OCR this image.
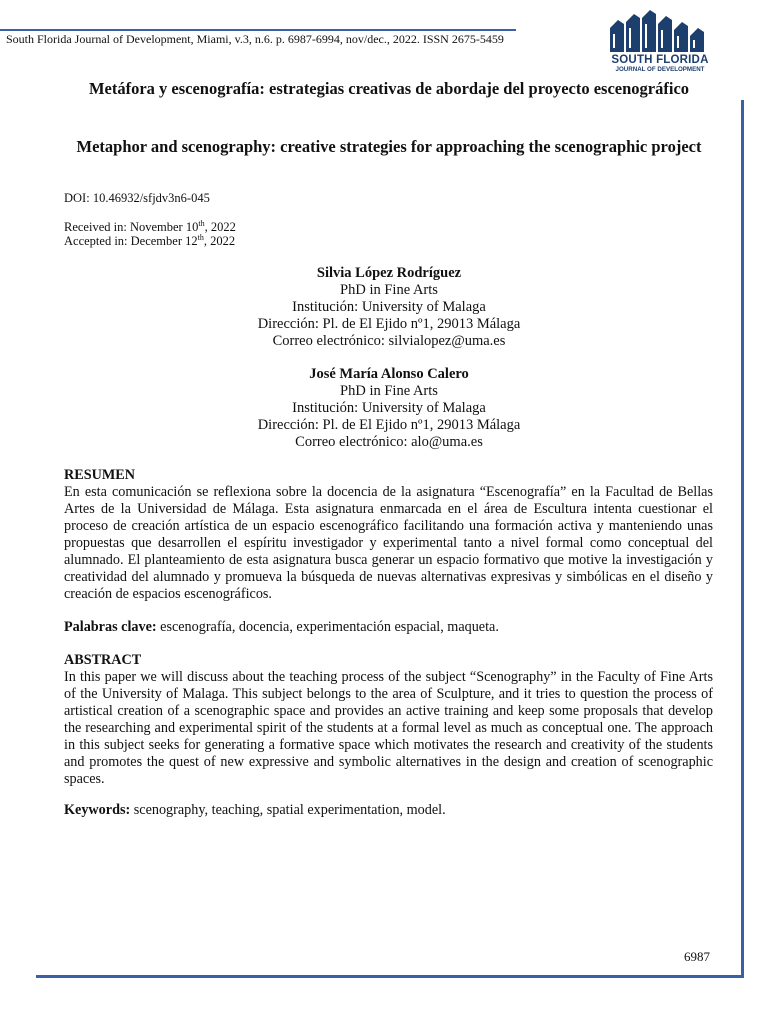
South Florida Journal of Development, Miami, v.3, n.6. p. 6987-6994, nov/dec., 2022. ISSN 2675-5459
SOUTH FLORIDA
JOURNAL OF DEVELOPMENT
Metáfora y escenografía: estrategias creativas de abordaje del proyecto escenográfico
Metaphor and scenography: creative strategies for approaching the scenographic project
DOI: 10.46932/sfjdv3n6-045
Received in: November 10th, 2022
Accepted in: December 12th, 2022
Silvia López Rodríguez
PhD in Fine Arts
Institución: University of Malaga
Dirección: Pl. de El Ejido nº1, 29013 Málaga
Correo electrónico: silvialopez@uma.es
José María Alonso Calero
PhD in Fine Arts
Institución: University of Malaga
Dirección: Pl. de El Ejido nº1, 29013 Málaga
Correo electrónico: alo@uma.es
RESUMEN
En esta comunicación se reflexiona sobre la docencia de la asignatura “Escenografía” en la Facultad de Bellas Artes de la Universidad de Málaga. Esta asignatura enmarcada en el área de Escultura intenta cuestionar el proceso de creación artística de un espacio escenográfico facilitando una formación activa y manteniendo unas propuestas que desarrollen el espíritu investigador y experimental tanto a nivel formal como conceptual del alumnado. El planteamiento de esta asignatura busca generar un espacio formativo que motive la investigación y creatividad del alumnado y promueva la búsqueda de nuevas alternativas expresivas y simbólicas en el diseño y creación de espacios escenográficos.
Palabras clave: escenografía, docencia, experimentación espacial, maqueta.
ABSTRACT
In this paper we will discuss about the teaching process of the subject “Scenography” in the Faculty of Fine Arts of the University of Malaga. This subject belongs to the area of Sculpture, and it tries to question the process of artistical creation of a scenographic space and provides an active training and keep some proposals that develop the researching and experimental spirit of the students at a formal level as much as conceptual one. The approach in this subject seeks for generating a formative space which motivates the research and creativity of the students and promotes the quest of new expressive and symbolic alternatives in the design and creation of scenographic spaces.
Keywords: scenography, teaching, spatial experimentation, model.
6987
